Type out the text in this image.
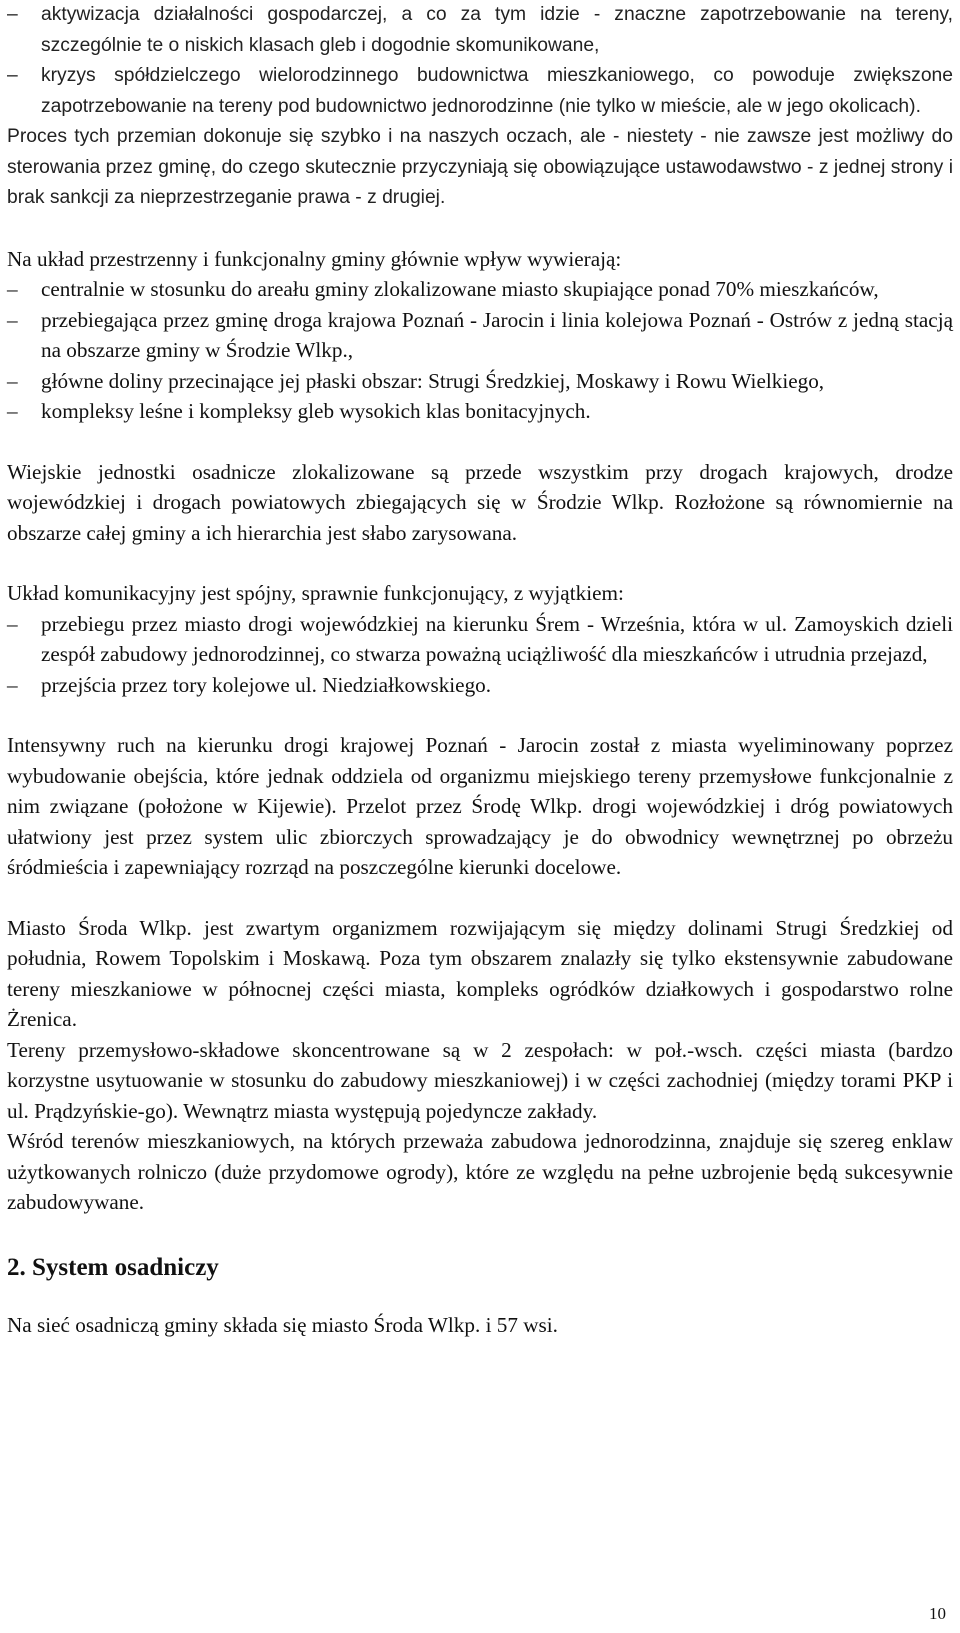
– aktywizacja działalności gospodarczej, a co za tym idzie - znaczne zapotrzebowanie na tereny, szczególnie te o niskich klasach gleb i dogodnie skomunikowane,
– kryzys spółdzielczego wielorodzinnego budownictwa mieszkaniowego, co powoduje zwiększone zapotrzebowanie na tereny pod budownictwo jednorodzinne (nie tylko w mieście, ale w jego okolicach).

Proces tych przemian dokonuje się szybko i na naszych oczach, ale - niestety - nie zawsze jest możliwy do sterowania przez gminę, do czego skutecznie przyczyniają się obowiązujące ustawodawstwo - z jednej strony i brak sankcji za nieprzestrzeganie prawa - z drugiej.

Na układ przestrzenny i funkcjonalny gminy głównie wpływ wywierają:

– centralnie w stosunku do areału gminy zlokalizowane miasto skupiające ponad 70% mieszkańców,
– przebiegająca przez gminę droga krajowa Poznań - Jarocin i linia kolejowa Poznań - Ostrów z jedną stacją na obszarze gminy w Środzie Wlkp.,
– główne doliny przecinające jej płaski obszar: Strugi Średzkiej, Moskawy i Rowu Wielkiego,
– kompleksy leśne i kompleksy gleb wysokich klas bonitacyjnych.

Wiejskie jednostki osadnicze zlokalizowane są przede wszystkim przy drogach krajowych, drodze wojewódzkiej i drogach powiatowych zbiegających się w Środzie Wlkp. Rozłożone są równomiernie na obszarze całej gminy a ich hierarchia jest słabo zarysowana.

Układ komunikacyjny jest spójny, sprawnie funkcjonujący, z wyjątkiem:

– przebiegu przez miasto drogi wojewódzkiej na kierunku Śrem - Września, która w ul. Zamoyskich dzieli zespół zabudowy jednorodzinnej, co stwarza poważną uciążliwość dla mieszkańców i utrudnia przejazd,
– przejścia przez tory kolejowe ul. Niedziałkowskiego.

Intensywny ruch na kierunku drogi krajowej Poznań - Jarocin został z miasta wyeliminowany poprzez wybudowanie obejścia, które jednak oddziela od organizmu miejskiego tereny przemysłowe funkcjonalnie z nim związane (położone w Kijewie). Przelot przez Środę Wlkp. drogi wojewódzkiej i dróg powiatowych ułatwiony jest przez system ulic zbiorczych sprowadzający je do obwodnicy wewnętrznej po obrzeżu śródmieścia i zapewniający rozrząd na poszczególne kierunki docelowe.

Miasto Środa Wlkp. jest zwartym organizmem rozwijającym się między dolinami Strugi Średzkiej od południa, Rowem Topolskim i Moskawą. Poza tym obszarem znalazły się tylko ekstensywnie zabudowane tereny mieszkaniowe w północnej części miasta, kompleks ogródków działkowych i gospodarstwo rolne Żrenica.

Tereny przemysłowo-składowe skoncentrowane są w 2 zespołach: w poł.-wsch. części miasta (bardzo korzystne usytuowanie w stosunku do zabudowy mieszkaniowej) i w części zachodniej (między torami PKP i ul. Prądzyńskie-go). Wewnątrz miasta występują pojedyncze zakłady.

Wśród terenów mieszkaniowych, na których przeważa zabudowa jednorodzinna, znajduje się szereg enklaw użytkowanych rolniczo (duże przydomowe ogrody), które ze względu na pełne uzbrojenie będą sukcesywnie zabudowywane.

2. System osadniczy

Na sieć osadniczą gminy składa się miasto Środa Wlkp. i 57 wsi.

10
